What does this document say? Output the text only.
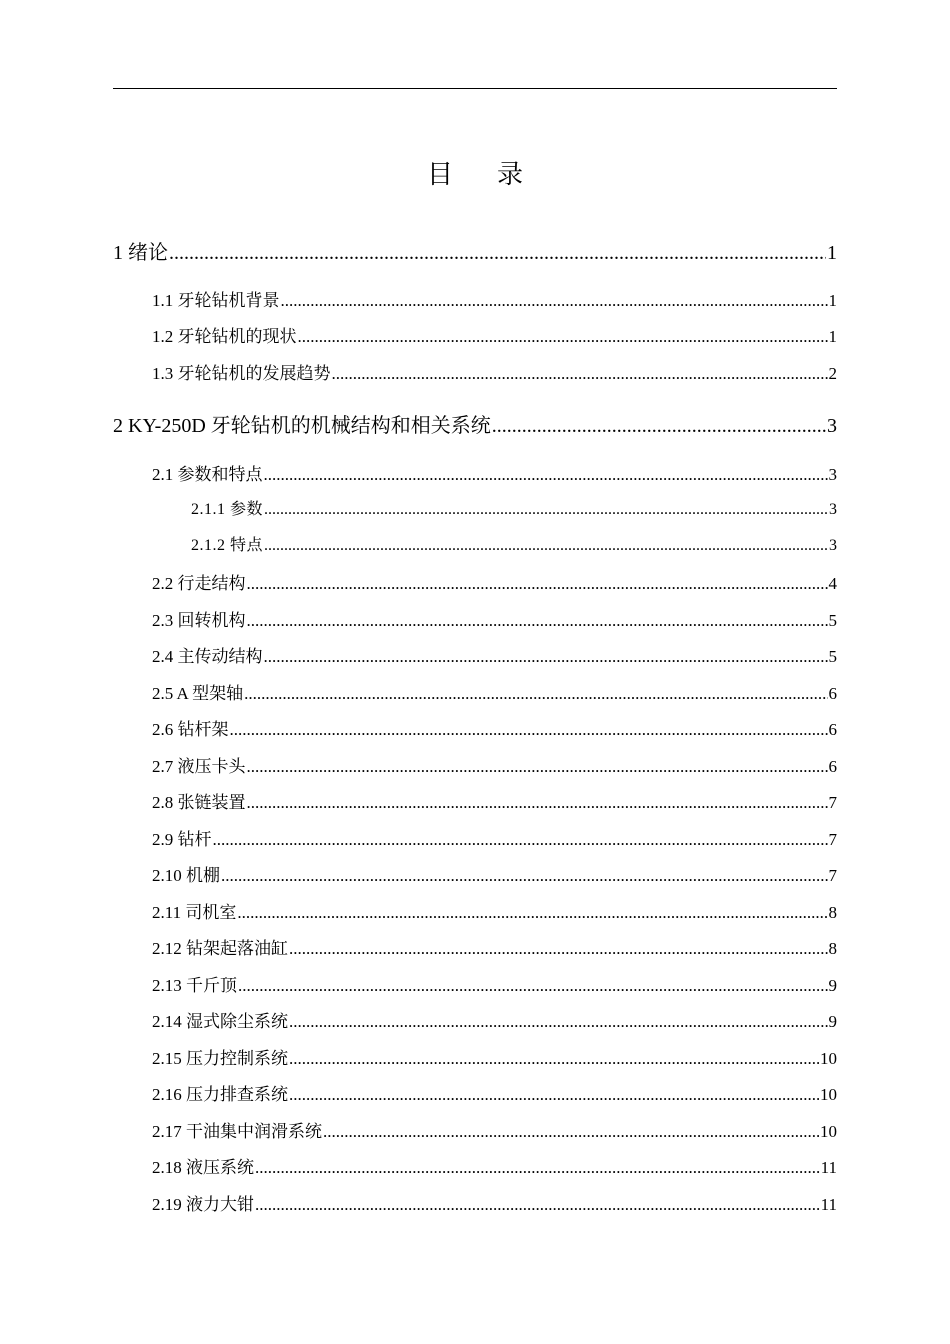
目录
1 绪论 .....	1
1.1 牙轮钻机背景 .....	1
1.2 牙轮钻机的现状 .....	1
1.3 牙轮钻机的发展趋势 .....	2
2 KY-250D 牙轮钻机的机械结构和相关系统 .....	3
2.1 参数和特点 .....	3
2.1.1 参数 .....	3
2.1.2 特点 .....	3
2.2 行走结构 .....	4
2.3 回转机构 .....	5
2.4 主传动结构 .....	5
2.5 A 型架轴 .....	6
2.6 钻杆架 .....	6
2.7 液压卡头 .....	6
2.8 张链装置 .....	7
2.9 钻杆 .....	7
2.10 机棚 .....	7
2.11 司机室 .....	8
2.12 钻架起落油缸 .....	8
2.13 千斤顶 .....	9
2.14 湿式除尘系统 .....	9
2.15 压力控制系统 .....	10
2.16 压力排查系统 .....	10
2.17 干油集中润滑系统 .....	10
2.18 液压系统 .....	11
2.19 液力大钳 .....	11
